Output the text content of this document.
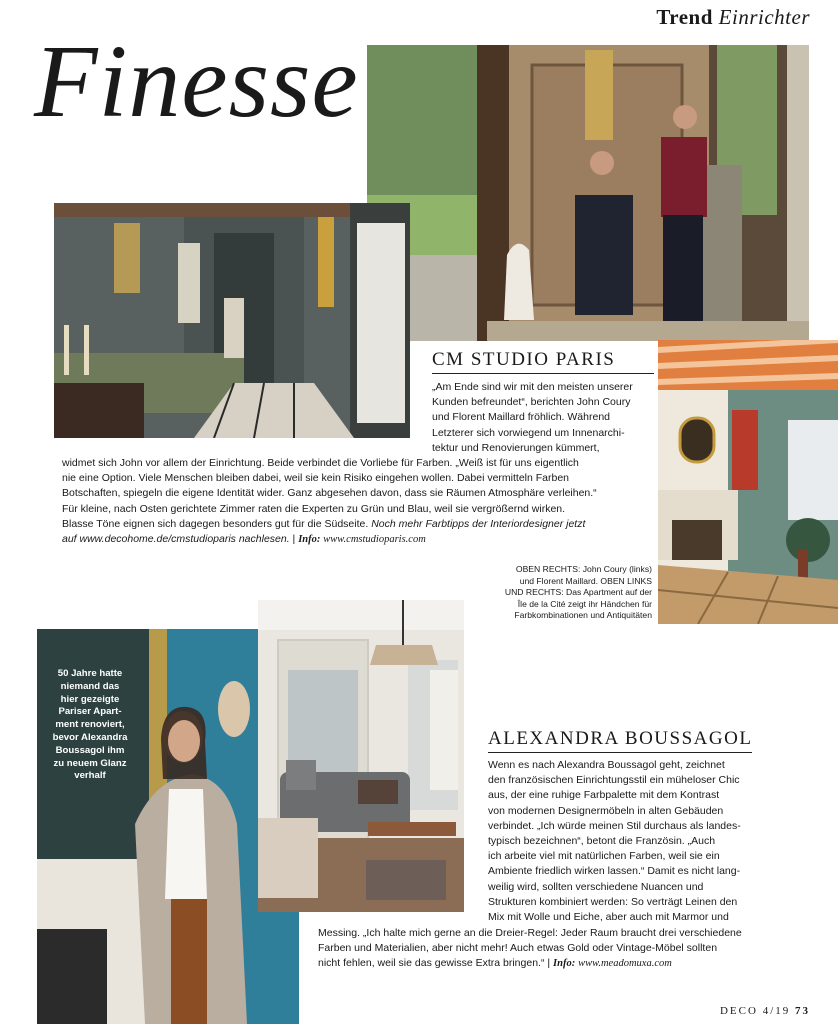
Trend Einrichter
Finesse
CM STUDIO PARIS

„Am Ende sind wir mit den meisten unserer

Kunden befreundet“, berichten John Coury

und Florent Maillard fröhlich. Während

Letzterer sich vorwiegend um Innenarchi-

tektur und Renovierungen kümmert,

widmet sich John vor allem der Einrichtung. Beide verbindet die Vorliebe für Farben. „Weiß ist für uns eigentlich

nie eine Option. Viele Menschen bleiben dabei, weil sie kein Risiko eingehen wollen. Dabei vermitteln Farben

Botschaften, spiegeln die eigene Identität wider. Ganz abgesehen davon, dass sie Räumen Atmosphäre verleihen.“

Für kleine, nach Osten gerichtete Zimmer raten die Experten zu Grün und Blau, weil sie vergrößernd wirken.

Blasse Töne eignen sich dagegen besonders gut für die Südseite. Noch mehr Farbtipps der Interiordesigner jetzt

auf www.decohome.de/cmstudioparis nachlesen. | Info: www.cmstudioparis.com

OBEN RECHTS: John Coury (links)
und Florent Maillard. OBEN LINKS
UND RECHTS: Das Apartment auf der
Île de la Cité zeigt ihr Händchen für
Farbkombinationen und Antiquitäten
50 Jahre hatte
niemand das
hier gezeigte
Pariser Apart-
ment renoviert,
bevor Alexandra
Boussagol ihm
zu neuem Glanz
verhalf
ALEXANDRA BOUSSAGOL

Wenn es nach Alexandra Boussagol geht, zeichnet

den französischen Einrichtungsstil ein müheloser Chic

aus, der eine ruhige Farbpalette mit dem Kontrast

von modernen Designermöbeln in alten Gebäuden

verbindet. „Ich würde meinen Stil durchaus als landes-

typisch bezeichnen“, betont die Französin. „Auch

ich arbeite viel mit natürlichen Farben, weil sie ein

Ambiente friedlich wirken lassen.“ Damit es nicht lang-

weilig wird, sollten verschiedene Nuancen und

Strukturen kombiniert werden: So verträgt Leinen den

Mix mit Wolle und Eiche, aber auch mit Marmor und

Messing. „Ich halte mich gerne an die Dreier-Regel: Jeder Raum braucht drei verschiedene

Farben und Materialien, aber nicht mehr! Auch etwas Gold oder Vintage-Möbel sollten

nicht fehlen, weil sie das gewisse Extra bringen.“ | Info: www.meadomuxa.com

DECO 4/19 73
